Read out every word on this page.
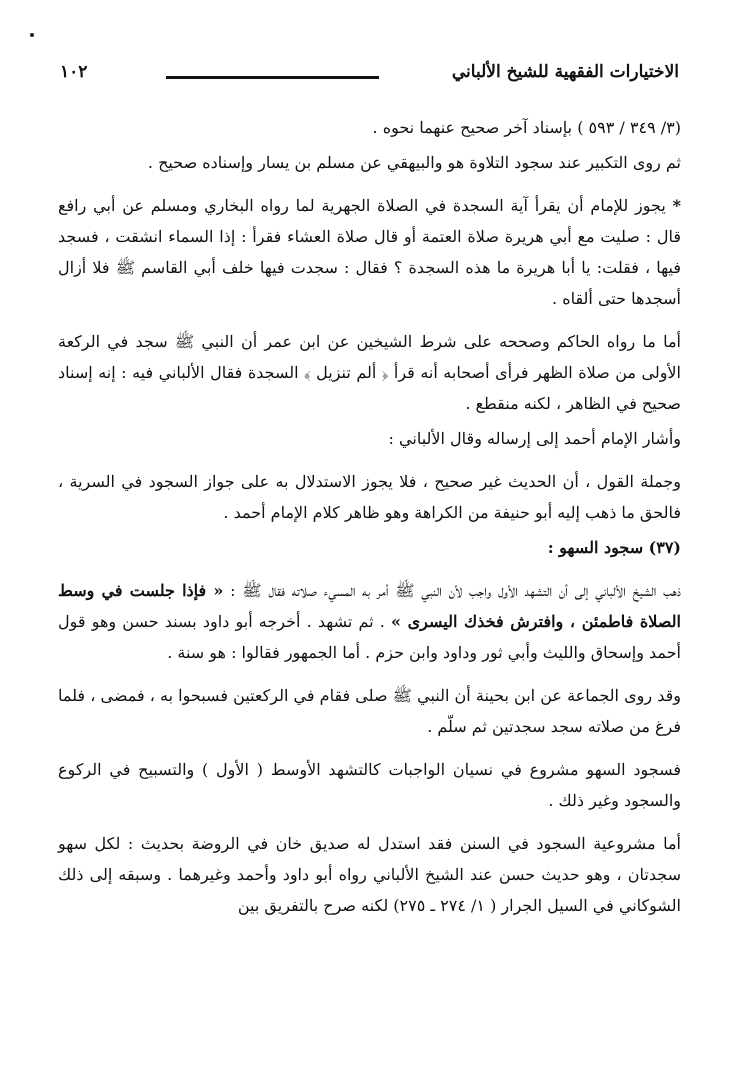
الاختيارات الفقهية للشيخ الألباني
١٠٢

(٣/ ٣٤٩ / ٥٩٣ ) بإسناد آخر صحيح عنهما نحوه .

ثم روى التكبير عند سجود التلاوة هو والبيهقي عن مسلم بن يسار وإسناده صحيح .

* يجوز للإمام أن يقرأ آية السجدة في الصلاة الجهرية لما رواه البخاري ومسلم عن أبي رافع قال : صليت مع أبي هريرة صلاة العتمة أو قال صلاة العشاء فقرأ : إذا السماء انشقت ، فسجد فيها ، فقلت: يا أبا هريرة ما هذه السجدة ؟ فقال : سجدت فيها خلف أبي القاسم ﷺ فلا أزال أسجدها حتى ألقاه .

أما ما رواه الحاكم وصححه على شرط الشيخين عن ابن عمر أن النبي ﷺ سجد في الركعة الأولى من صلاة الظهر فرأى أصحابه أنه قرأ ﴿ ألم تنزيل ﴾ السجدة فقال الألباني فيه : إنه إسناد صحيح في الظاهر ، لكنه منقطع .

وأشار الإمام أحمد إلى إرساله وقال الألباني :

وجملة القول ، أن الحديث غير صحيح ، فلا يجوز الاستدلال به على جواز السجود في السرية ، فالحق ما ذهب إليه أبو حنيفة من الكراهة وهو ظاهر كلام الإمام أحمد .

(٣٧) سجود السهو :

ذهب الشيخ الألباني إلى أن التشهد الأول واجب لأن النبي ﷺ أمر به المسيء صلاته فقال ﷺ : « فإذا جلست في وسط الصلاة فاطمئن ، وافترش فخذك اليسرى » . ثم تشهد . أخرجه أبو داود بسند حسن وهو قول أحمد وإسحاق والليث وأبي ثور وداود وابن حزم . أما الجمهور فقالوا : هو سنة .

وقد روى الجماعة عن ابن بحينة أن النبي ﷺ صلى فقام في الركعتين فسبحوا به ، فمضى ، فلما فرغ من صلاته سجد سجدتين ثم سلّم .

فسجود السهو مشروع في نسيان الواجبات كالتشهد الأوسط ( الأول ) والتسبيح في الركوع والسجود وغير ذلك .

أما مشروعية السجود في السنن فقد استدل له صديق خان في الروضة بحديث : لكل سهو سجدتان ، وهو حديث حسن عند الشيخ الألباني رواه أبو داود وأحمد وغيرهما . وسبقه إلى ذلك الشوكاني في السيل الجرار ( ١/ ٢٧٤ ـ ٢٧٥) لكنه صرح بالتفريق بين
